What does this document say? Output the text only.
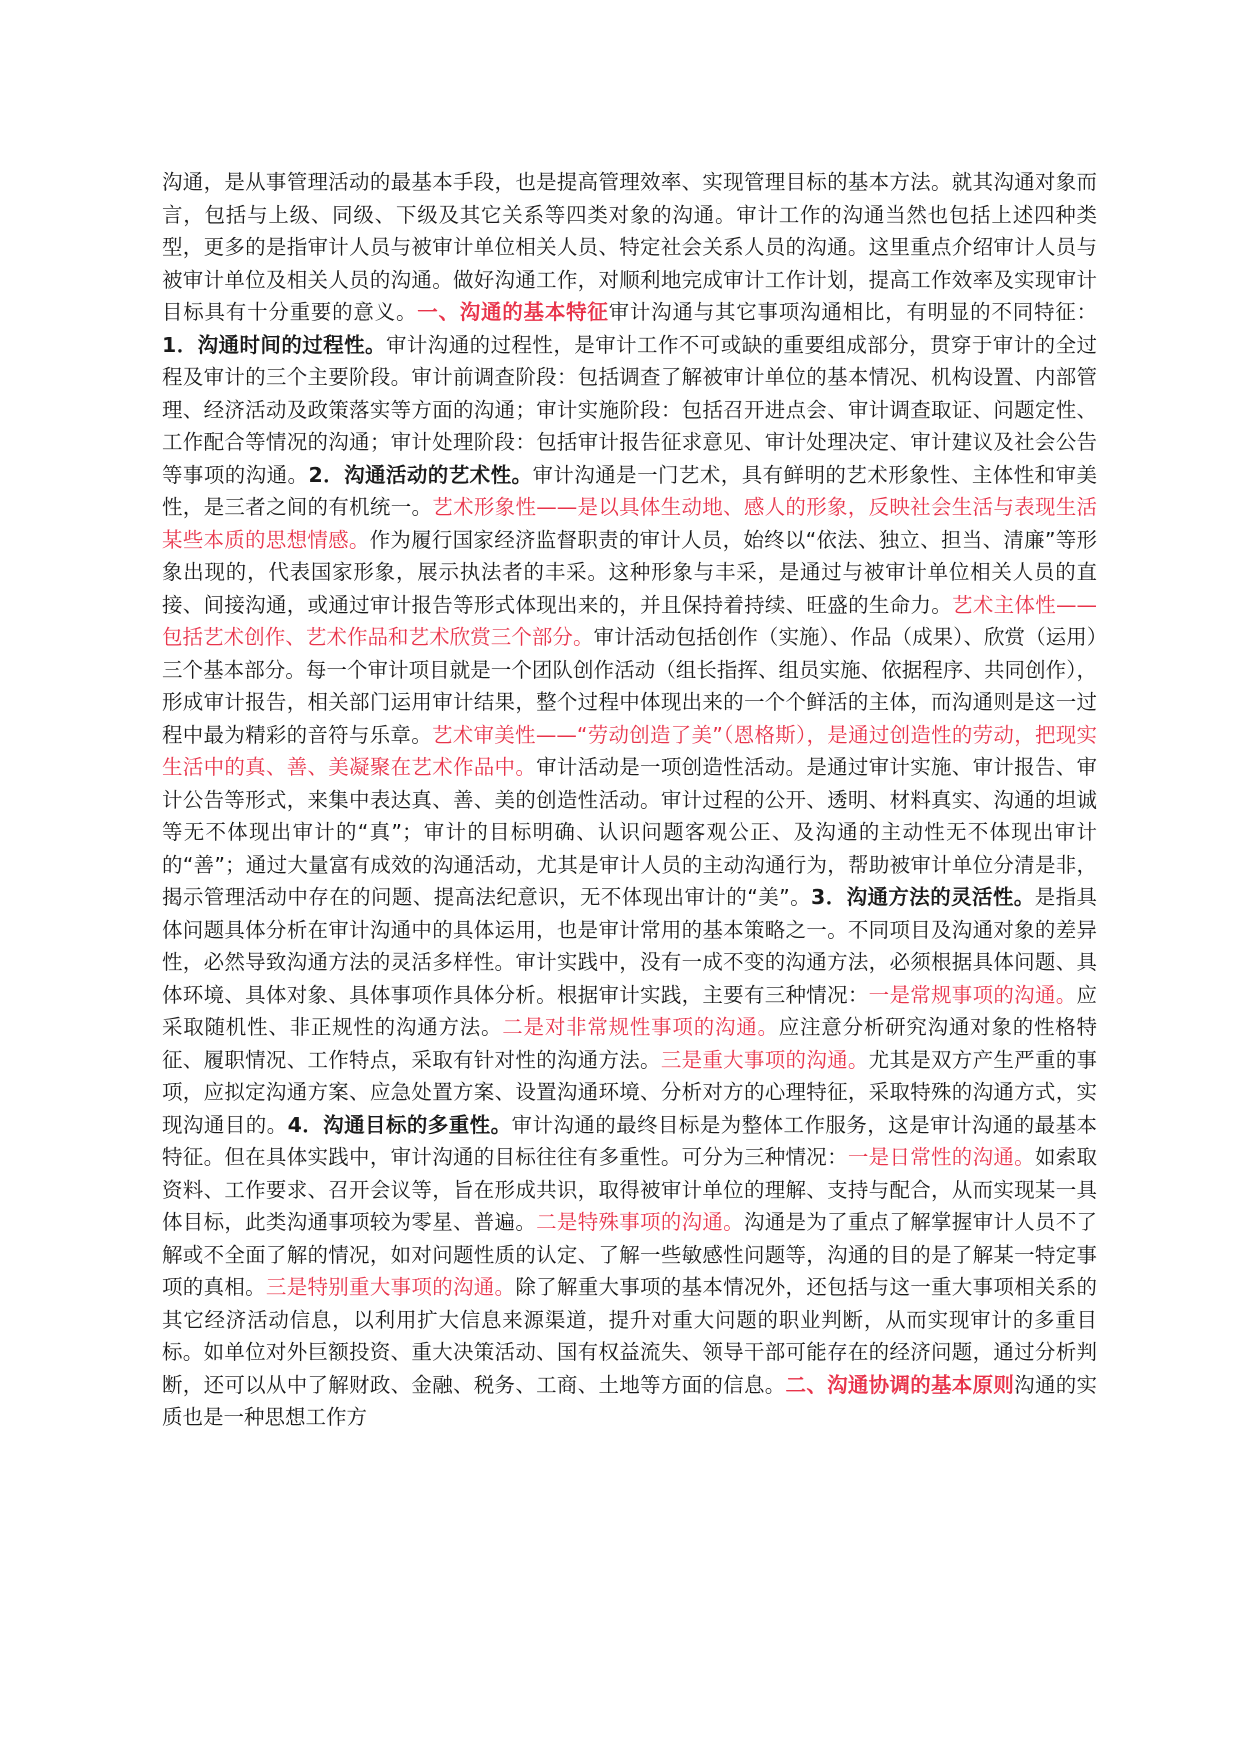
沟通，是从事管理活动的最基本手段，也是提高管理效率、实现管理目标的基本方法。就其沟通对象而言，包括与上级、同级、下级及其它关系等四类对象的沟通。审计工作的沟通当然也包括上述四种类型，更多的是指审计人员与被审计单位相关人员、特定社会关系人员的沟通。这里重点介绍审计人员与被审计单位及相关人员的沟通。做好沟通工作，对顺利地完成审计工作计划，提高工作效率及实现审计目标具有十分重要的意义。一、沟通的基本特征审计沟通与其它事项沟通相比，有明显的不同特征：1．沟通时间的过程性。审计沟通的过程性，是审计工作不可或缺的重要组成部分，贯穿于审计的全过程及审计的三个主要阶段。审计前调查阶段：包括调查了解被审计单位的基本情况、机构设置、内部管理、经济活动及政策落实等方面的沟通；审计实施阶段：包括召开进点会、审计调查取证、问题定性、工作配合等情况的沟通；审计处理阶段：包括审计报告征求意见、审计处理决定、审计建议及社会公告等事项的沟通。2．沟通活动的艺术性。审计沟通是一门艺术，具有鲜明的艺术形象性、主体性和审美性，是三者之间的有机统一。艺术形象性——是以具体生动地、感人的形象，反映社会生活与表现生活某些本质的思想情感。作为履行国家经济监督职责的审计人员，始终以“依法、独立、担当、清廉”等形象出现的，代表国家形象，展示执法者的丰采。这种形象与丰采，是通过与被审计单位相关人员的直接、间接沟通，或通过审计报告等形式体现出来的，并且保持着持续、旺盛的生命力。艺术主体性——包括艺术创作、艺术作品和艺术欣赏三个部分。审计活动包括创作（实施）、作品（成果）、欣赏（运用）三个基本部分。每一个审计项目就是一个团队创作活动（组长指挥、组员实施、依据程序、共同创作），形成审计报告，相关部门运用审计结果，整个过程中体现出来的一个个鲜活的主体，而沟通则是这一过程中最为精彩的音符与乐章。艺术审美性——“劳动创造了美”（恩格斯），是通过创造性的劳动，把现实生活中的真、善、美凝聚在艺术作品中。审计活动是一项创造性活动。是通过审计实施、审计报告、审计公告等形式，来集中表达真、善、美的创造性活动。审计过程的公开、透明、材料真实、沟通的坦诚等无不体现出审计的“真”；审计的目标明确、认识问题客观公正、及沟通的主动性无不体现出审计的“善”；通过大量富有成效的沟通活动，尤其是审计人员的主动沟通行为，帮助被审计单位分清是非，揭示管理活动中存在的问题、提高法纪意识，无不体现出审计的“美”。3．沟通方法的灵活性。是指具体问题具体分析在审计沟通中的具体运用，也是审计常用的基本策略之一。不同项目及沟通对象的差异性，必然导致沟通方法的灵活多样性。审计实践中，没有一成不变的沟通方法，必须根据具体问题、具体环境、具体对象、具体事项作具体分析。根据审计实践，主要有三种情况：一是常规事项的沟通。应采取随机性、非正规性的沟通方法。二是对非常规性事项的沟通。应注意分析研究沟通对象的性格特征、履职情况、工作特点，采取有针对性的沟通方法。三是重大事项的沟通。尤其是双方产生严重的事项，应拟定沟通方案、应急处置方案、设置沟通环境、分析对方的心理特征，采取特殊的沟通方式，实现沟通目的。4．沟通目标的多重性。审计沟通的最终目标是为整体工作服务，这是审计沟通的最基本特征。但在具体实践中，审计沟通的目标往往有多重性。可分为三种情况：一是日常性的沟通。如索取资料、工作要求、召开会议等，旨在形成共识，取得被审计单位的理解、支持与配合，从而实现某一具体目标，此类沟通事项较为零星、普遍。二是特殊事项的沟通。沟通是为了重点了解掌握审计人员不了解或不全面了解的情况，如对问题性质的认定、了解一些敏感性问题等，沟通的目的是了解某一特定事项的真相。三是特别重大事项的沟通。除了解重大事项的基本情况外，还包括与这一重大事项相关系的其它经济活动信息，以利用扩大信息来源渠道，提升对重大问题的职业判断，从而实现审计的多重目标。如单位对外巨额投资、重大决策活动、国有权益流失、领导干部可能存在的经济问题，通过分析判断，还可以从中了解财政、金融、税务、工商、土地等方面的信息。二、沟通协调的基本原则沟通的实质也是一种思想工作方
